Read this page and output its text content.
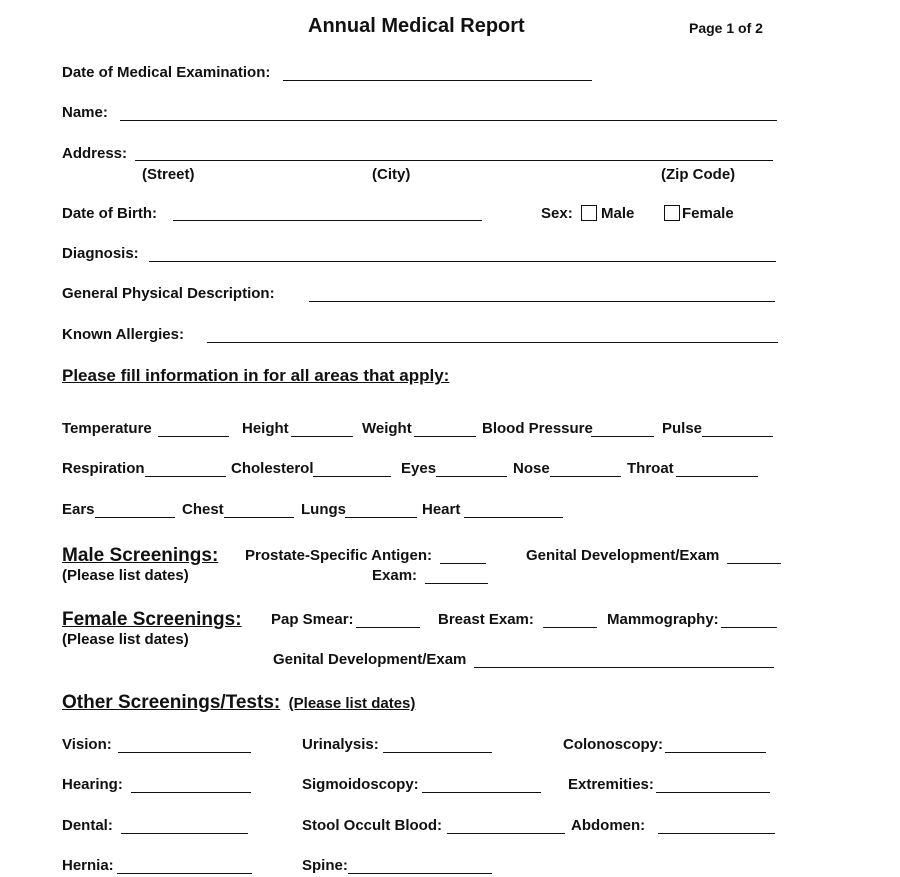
Annual Medical Report	Page 1 of 2
Date of Medical Examination:
Name:
Address:
(Street)	(City)	(Zip Code)
Date of Birth:	Sex: Male	Female
Diagnosis:
General Physical Description:
Known Allergies:
Please fill information in for all areas that apply:
Temperature	Height	Weight	Blood Pressure	Pulse
Respiration	Cholesterol	Eyes	Nose	Throat
Ears	Chest	Lungs	Heart
Male Screenings:
(Please list dates)
Prostate-Specific Antigen:
Exam:
Genital Development/Exam
Female Screenings:
(Please list dates)
Pap Smear:	Breast Exam:	Mammography:
Genital Development/Exam
Other Screenings/Tests: (Please list dates)
Vision:	Urinalysis:	Colonoscopy:
Hearing:	Sigmoidoscopy:	Extremities:
Dental:	Stool Occult Blood:	Abdomen:
Hernia:	Spine:
